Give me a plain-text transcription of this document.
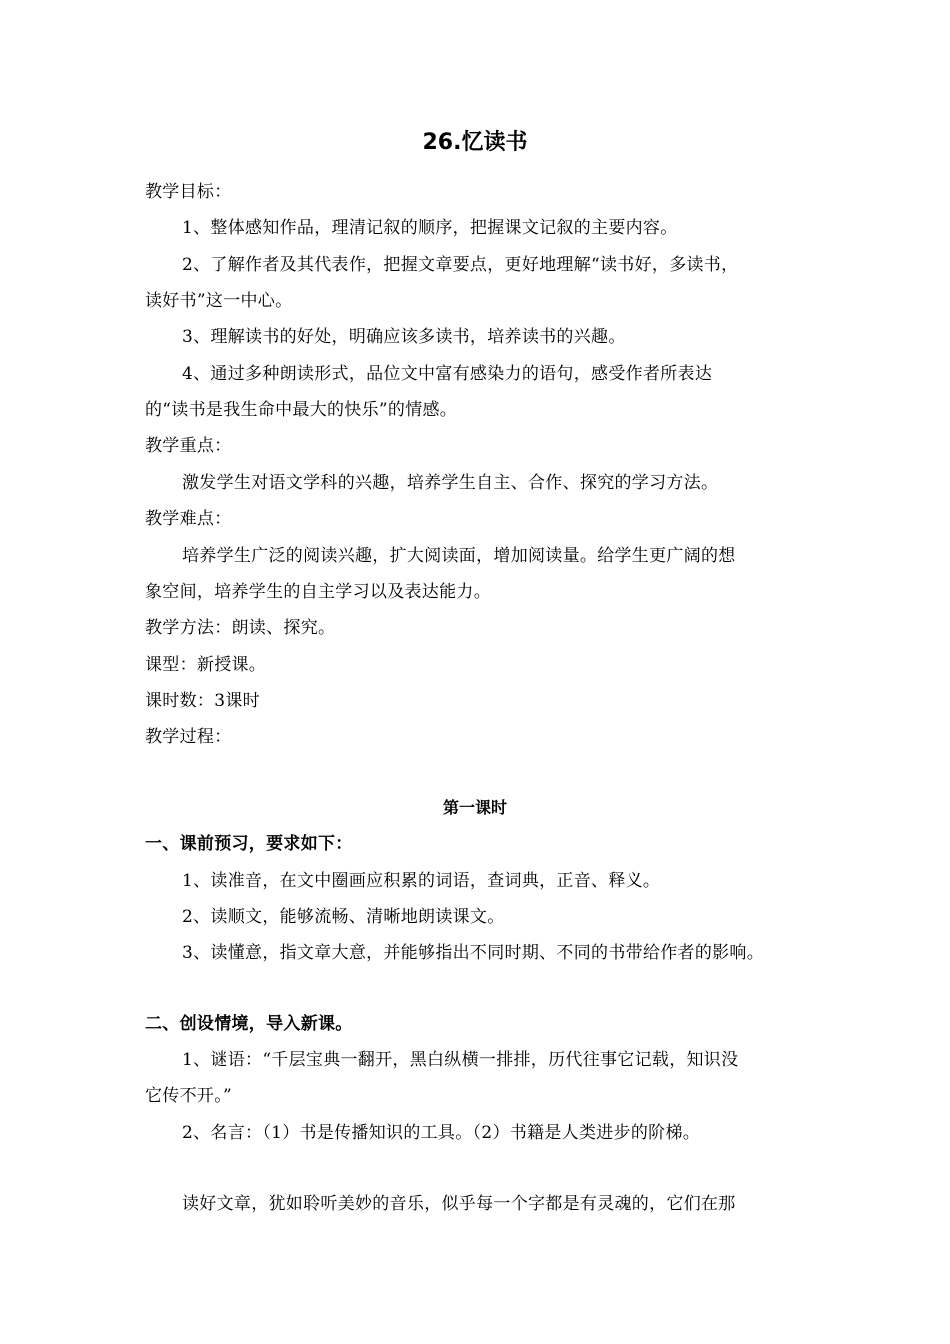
26.忆读书
教学目标：
1、整体感知作品，理清记叙的顺序，把握课文记叙的主要内容。
2、了解作者及其代表作，把握文章要点，更好地理解“读书好，多读书，
读好书”这一中心。
3、理解读书的好处，明确应该多读书，培养读书的兴趣。
4、通过多种朗读形式，品位文中富有感染力的语句，感受作者所表达
的“读书是我生命中最大的快乐”的情感。
教学重点：
激发学生对语文学科的兴趣，培养学生自主、合作、探究的学习方法。
教学难点：
培养学生广泛的阅读兴趣，扩大阅读面，增加阅读量。给学生更广阔的想
象空间，培养学生的自主学习以及表达能力。
教学方法：朗读、探究。
课型：新授课。
课时数：3课时
教学过程：
第一课时
一、课前预习，要求如下：
1、读准音，在文中圈画应积累的词语，查词典，正音、释义。
2、读顺文，能够流畅、清晰地朗读课文。
3、读懂意，指文章大意，并能够指出不同时期、不同的书带给作者的影响。
二、创设情境，导入新课。
1、谜语：“千层宝典一翻开，黑白纵横一排排，历代往事它记载，知识没
它传不开。”
2、名言：（1）书是传播知识的工具。（2）书籍是人类进步的阶梯。
读好文章，犹如聆听美妙的音乐，似乎每一个字都是有灵魂的，它们在那
